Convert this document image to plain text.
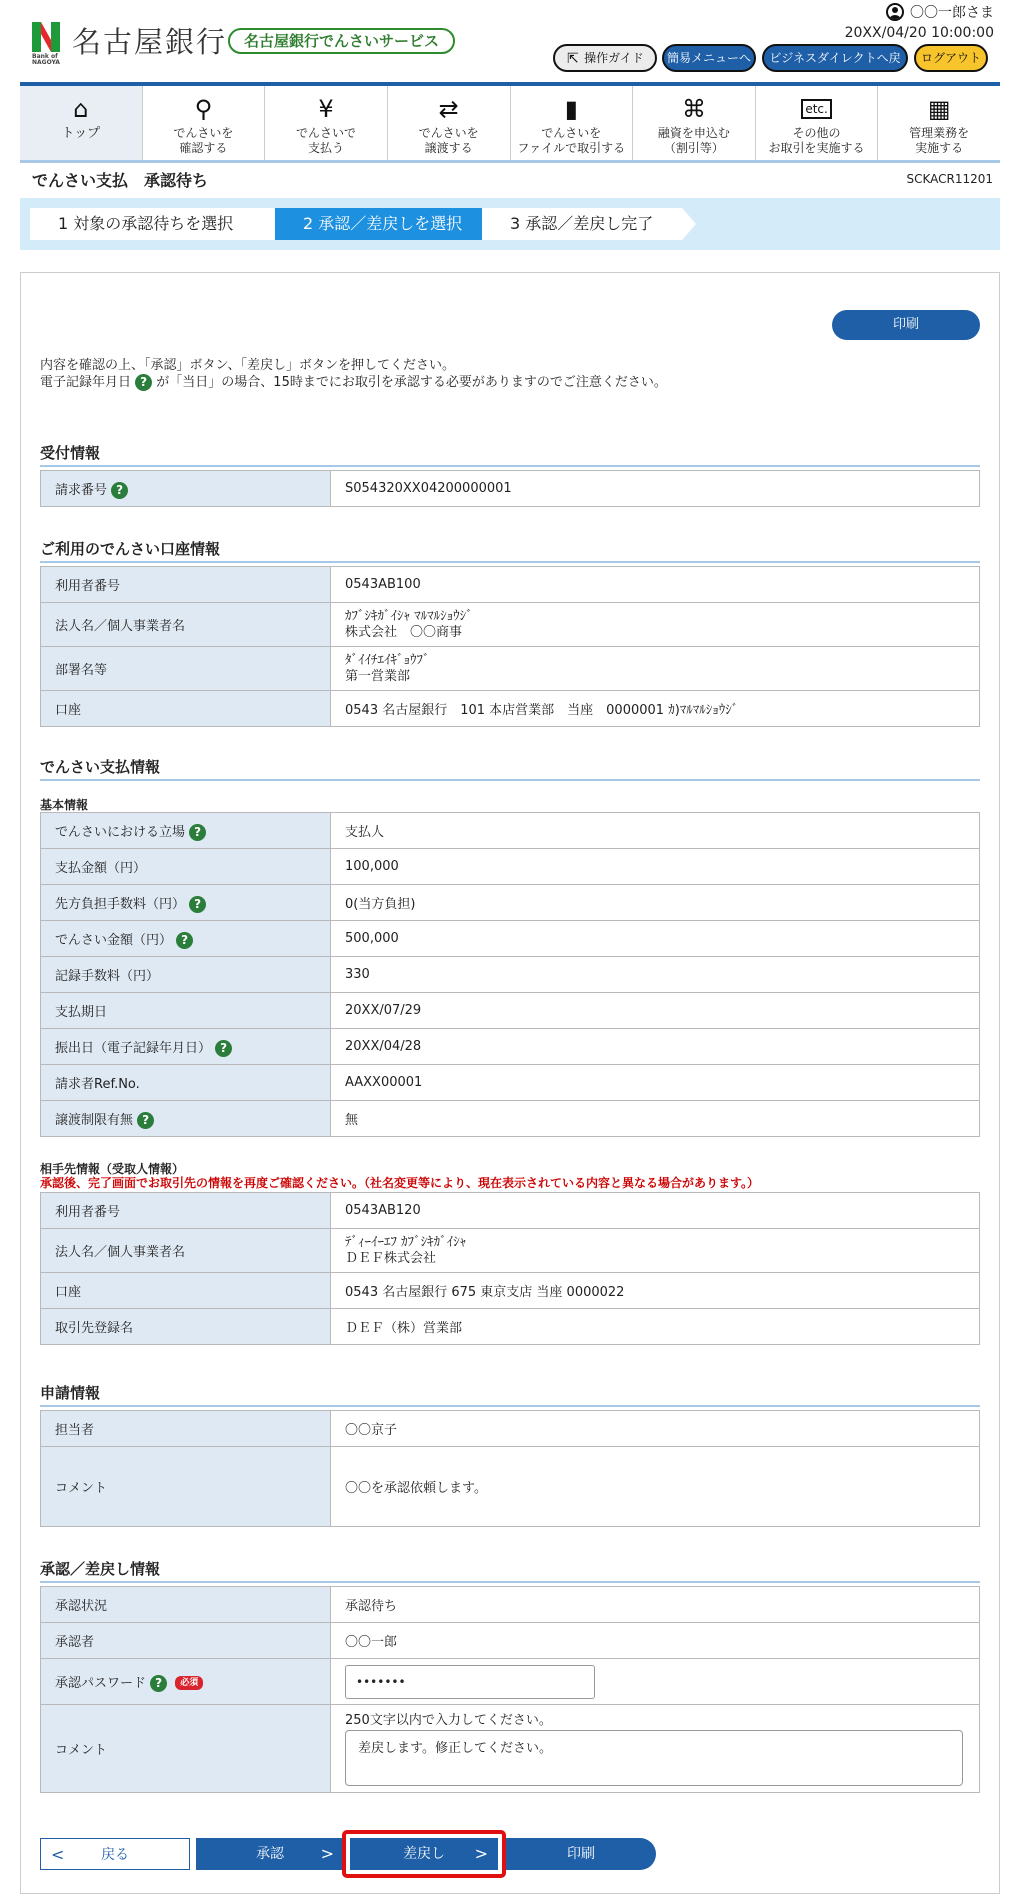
名古屋銀行
Bank of
NAGOYA
名古屋銀行でんさいサービス
〇〇一郎さま
20XX/04/20 10:00:00
⇱ 操作ガイド	簡易メニューへ	ビジネスダイレクトへ戻	ログアウト
⌂
トップ
⚲
でんさいを
確認する
¥
でんさいで
支払う
⇄
でんさいを
譲渡する
▮
でんさいを
ファイルで取引する
⌘
融資を申込む
（割引等）
etc.
その他の
お取引を実施する
▦
管理業務を
実施する
でんさい支払　承認待ち	SCKACR11201
1 対象の承認待ちを選択	2 承認／差戻しを選択	3 承認／差戻し完了
印刷
内容を確認の上、「承認」ボタン、「差戻し」ボタンを押してください。
電子記録年月日 ? が「当日」の場合、15時までにお取引を承認する必要がありますのでご注意ください。
受付情報
請求番号 ?	S054320XX04200000001
ご利用のでんさい口座情報
利用者番号	0543AB100
法人名／個人事業者名	ｶﾌﾞｼｷｶﾞｲｼｬ ﾏﾙﾏﾙｼｮｳｼﾞ
株式会社　〇〇商事
部署名等	ﾀﾞｲｲﾁｴｲｷﾞｮｳﾌﾞ
第一営業部
口座	0543 名古屋銀行　101 本店営業部　当座　0000001 ｶ)ﾏﾙﾏﾙｼｮｳｼﾞ
でんさい支払情報
基本情報
でんさいにおける立場 ?	支払人
支払金額（円）	100,000
先方負担手数料（円） ?	0(当方負担)
でんさい金額（円） ?	500,000
記録手数料（円）	330
支払期日	20XX/07/29
振出日（電子記録年月日） ?	20XX/04/28
請求者Ref.No.	AAXX00001
譲渡制限有無 ?	無
相手先情報（受取人情報）
承認後、完了画面でお取引先の情報を再度ご確認ください。（社名変更等により、現在表示されている内容と異なる場合があります。）
利用者番号	0543AB120
法人名／個人事業者名	ﾃﾞｨｰｲｰｴﾌ ｶﾌﾞｼｷｶﾞｲｼｬ
ＤＥＦ株式会社
口座	0543 名古屋銀行 675 東京支店 当座 0000022
取引先登録名	ＤＥＦ（株）営業部
申請情報
担当者	〇〇京子
コメント	〇〇を承認依頼します。
承認／差戻し情報
承認状況	承認待ち
承認者	〇〇一郎
承認パスワード ? 必須	•••••••

コメント	250文字以内で入力してください。
差戻します。修正してください。
<	戻る	承認 >	差戻し >	印刷
